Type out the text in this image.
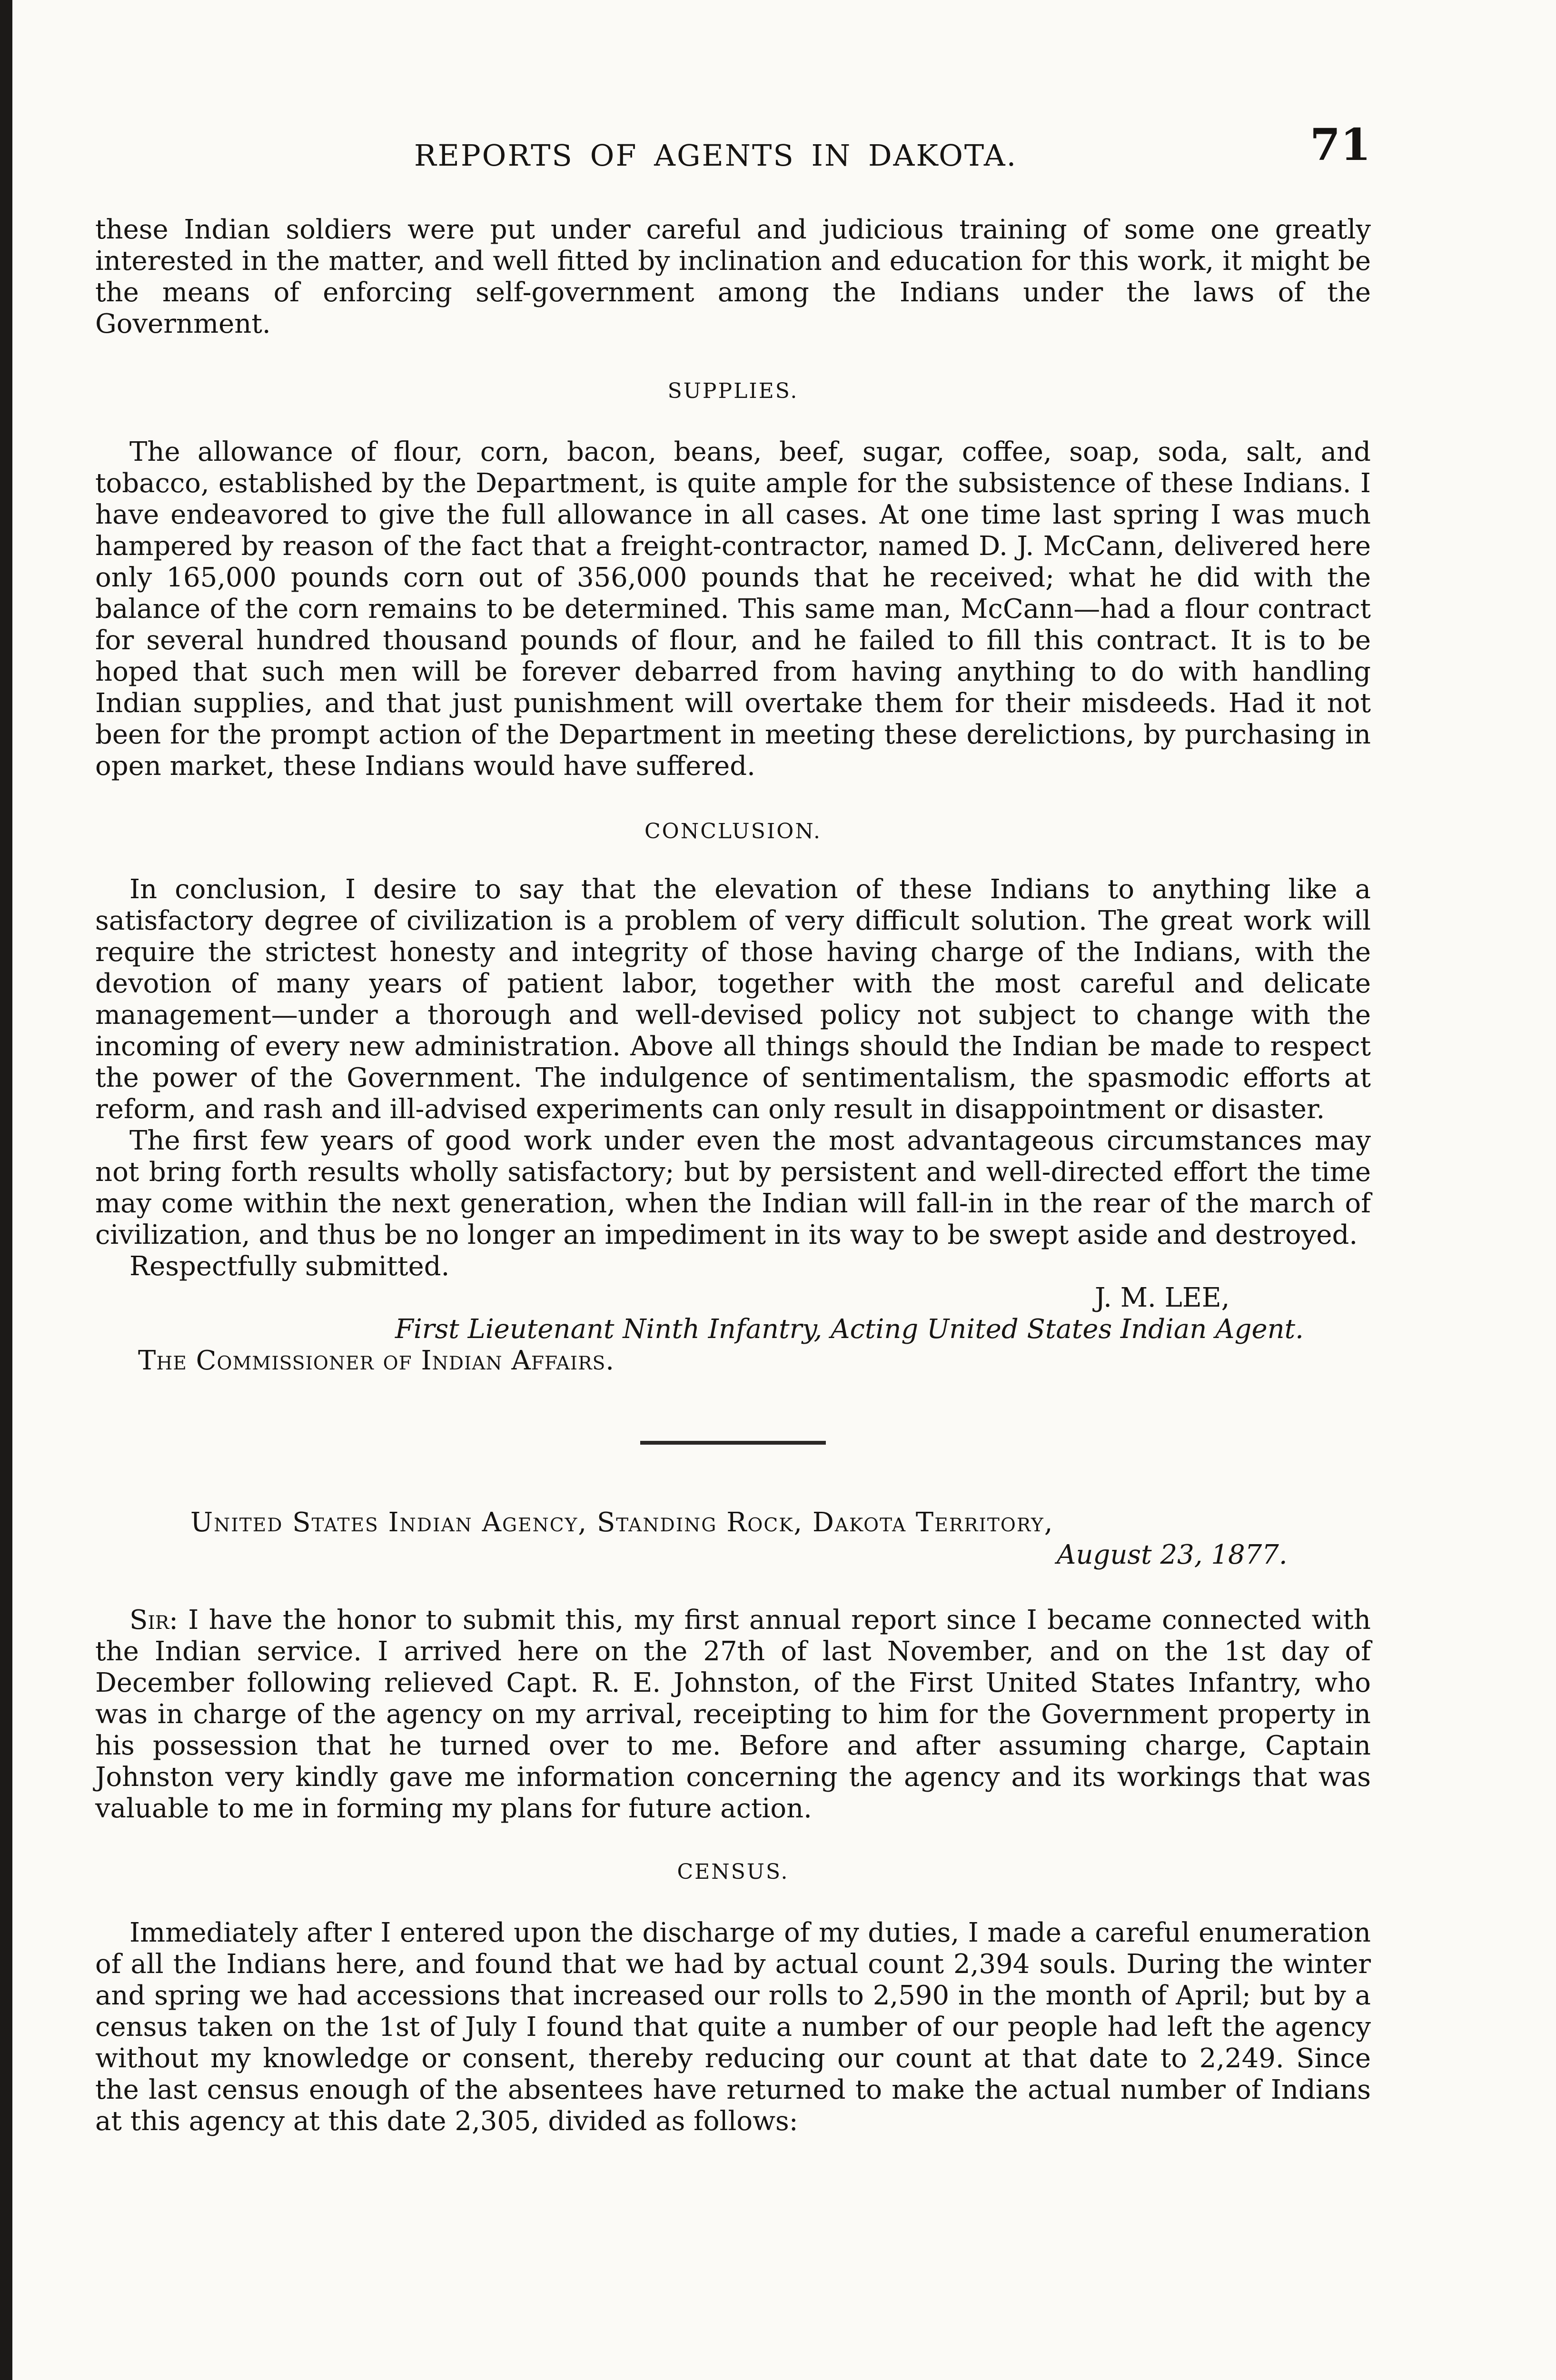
REPORTS OF AGENTS IN DAKOTA.	71

these Indian soldiers were put under careful and judicious training of some one greatly interested in the matter, and well fitted by inclination and education for this work, it might be the means of enforcing self-government among the Indians under the laws of the Government.

SUPPLIES.

The allowance of flour, corn, bacon, beans, beef, sugar, coffee, soap, soda, salt, and tobacco, established by the Department, is quite ample for the subsistence of these Indians. I have endeavored to give the full allowance in all cases. At one time last spring I was much hampered by reason of the fact that a freight-contractor, named D. J. McCann, delivered here only 165,000 pounds corn out of 356,000 pounds that he received; what he did with the balance of the corn remains to be determined. This same man, McCann—had a flour contract for several hundred thousand pounds of flour, and he failed to fill this contract. It is to be hoped that such men will be forever debarred from having anything to do with handling Indian supplies, and that just punishment will overtake them for their misdeeds. Had it not been for the prompt action of the Department in meeting these derelictions, by purchasing in open market, these Indians would have suffered.

CONCLUSION.

In conclusion, I desire to say that the elevation of these Indians to anything like a satisfactory degree of civilization is a problem of very difficult solution. The great work will require the strictest honesty and integrity of those having charge of the Indians, with the devotion of many years of patient labor, together with the most careful and delicate management—under a thorough and well-devised policy not subject to change with the incoming of every new administration. Above all things should the Indian be made to respect the power of the Government. The indulgence of sentimentalism, the spasmodic efforts at reform, and rash and ill-advised experiments can only result in disappointment or disaster.

The first few years of good work under even the most advantageous circumstances may not bring forth results wholly satisfactory; but by persistent and well-directed effort the time may come within the next generation, when the Indian will fall-in in the rear of the march of civilization, and thus be no longer an impediment in its way to be swept aside and destroyed.

Respectfully submitted.

J. M. LEE,
First Lieutenant Ninth Infantry, Acting United States Indian Agent.
The Commissioner of Indian Affairs.
United States Indian Agency, Standing Rock, Dakota Territory,
August 23, 1877.

Sir: I have the honor to submit this, my first annual report since I became connected with the Indian service. I arrived here on the 27th of last November, and on the 1st day of December following relieved Capt. R. E. Johnston, of the First United States Infantry, who was in charge of the agency on my arrival, receipting to him for the Government property in his possession that he turned over to me. Before and after assuming charge, Captain Johnston very kindly gave me information concerning the agency and its workings that was valuable to me in forming my plans for future action.

CENSUS.

Immediately after I entered upon the discharge of my duties, I made a careful enumeration of all the Indians here, and found that we had by actual count 2,394 souls. During the winter and spring we had accessions that increased our rolls to 2,590 in the month of April; but by a census taken on the 1st of July I found that quite a number of our people had left the agency without my knowledge or consent, thereby reducing our count at that date to 2,249. Since the last census enough of the absentees have returned to make the actual number of Indians at this agency at this date 2,305, divided as follows:
